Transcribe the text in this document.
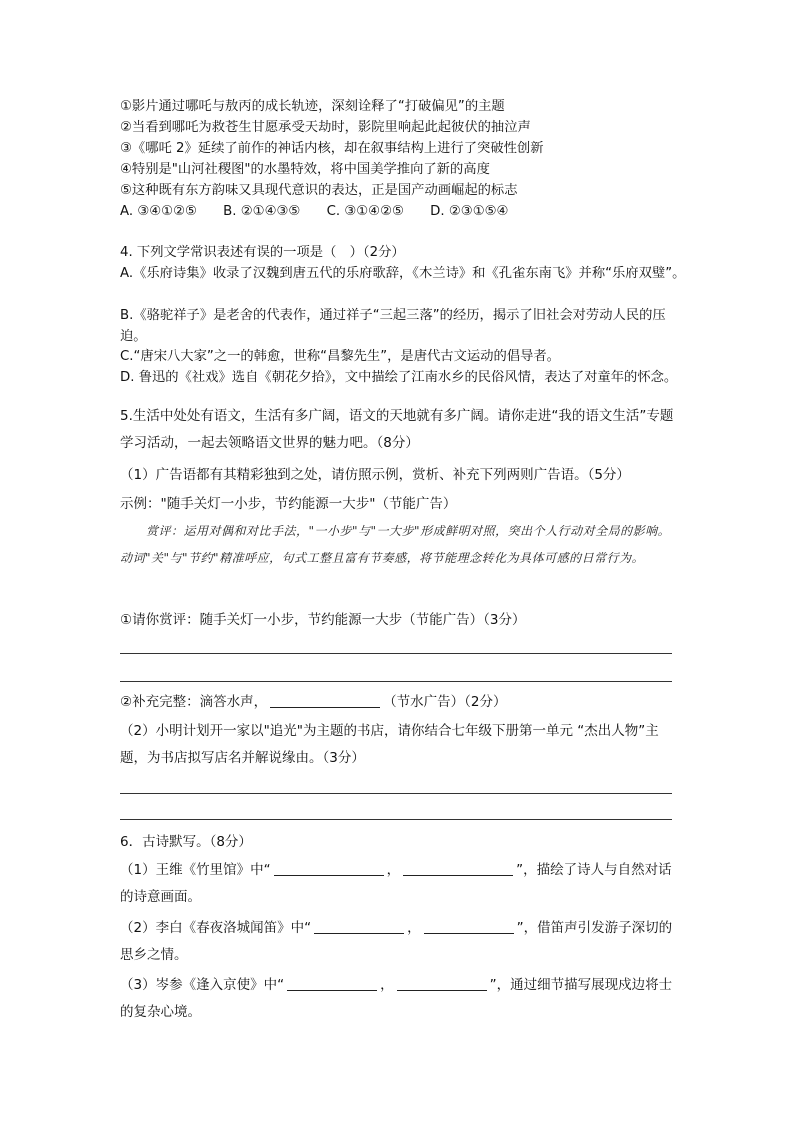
①影片通过哪吒与敖丙的成长轨迹，深刻诠释了“打破偏见”的主题
②当看到哪吒为救苍生甘愿承受天劫时，影院里响起此起彼伏的抽泣声
③《哪吒 2》延续了前作的神话内核，却在叙事结构上进行了突破性创新
④特别是"山河社稷图"的水墨特效，将中国美学推向了新的高度
⑤这种既有东方韵味又具现代意识的表达，正是国产动画崛起的标志
A. ③④①②⑤ B. ②①④③⑤ C. ③①④②⑤ D. ②③①⑤④
4. 下列文学常识表述有误的一项是（　）（2分）
A.《乐府诗集》收录了汉魏到唐五代的乐府歌辞，《木兰诗》和《孔雀东南飞》并称“乐府双璧”。
B.《骆驼祥子》是老舍的代表作，通过祥子“三起三落”的经历，揭示了旧社会对劳动人民的压迫。
C.“唐宋八大家”之一的韩愈，世称“昌黎先生”，是唐代古文运动的倡导者。
D. 鲁迅的《社戏》选自《朝花夕拾》，文中描绘了江南水乡的民俗风情，表达了对童年的怀念。
5.生活中处处有语文，生活有多广阔，语文的天地就有多广阔。请你走进“我的语文生活”专题学习活动，一起去领略语文世界的魅力吧。（8分）
（1）广告语都有其精彩独到之处，请仿照示例，赏析、补充下列两则广告语。（5分）
示例："随手关灯一小步，节约能源一大步"（节能广告）
赏评：运用对偶和对比手法，"一小步"与"一大步"形成鲜明对照，突出个人行动对全局的影响。动词"关"与"节约"精准呼应，句式工整且富有节奏感，将节能理念转化为具体可感的日常行为。
①请你赏评：随手关灯一小步，节约能源一大步（节能广告）（3分）
②补充完整：滴答水声，	（节水广告）（2分）
（2）小明计划开一家以"追光"为主题的书店，请你结合七年级下册第一单元 “杰出人物”主题，为书店拟写店名并解说缘由。（3分）
6．古诗默写。（8分）
（1）王维《竹里馆》中“	，	”，描绘了诗人与自然对话的诗意画面。
（2）李白《春夜洛城闻笛》中“	，	”，借笛声引发游子深切的思乡之情。
（3）岑参《逢入京使》中“	，	”，通过细节描写展现戍边将士的复杂心境。
